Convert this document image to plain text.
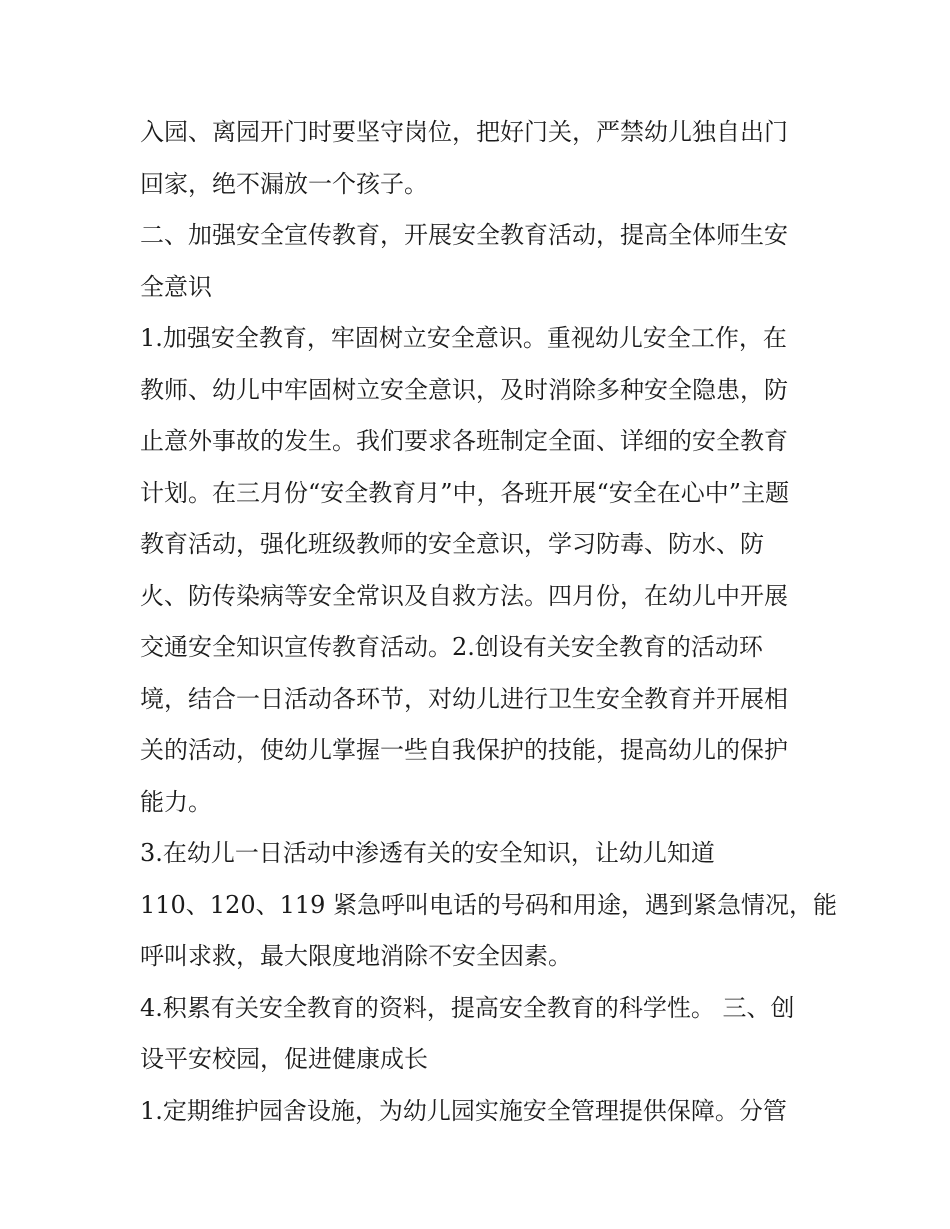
入园、离园开门时要坚守岗位，把好门关，严禁幼儿独自出门
回家，绝不漏放一个孩子。
二、加强安全宣传教育，开展安全教育活动，提高全体师生安
全意识
1.加强安全教育，牢固树立安全意识。重视幼儿安全工作，在
教师、幼儿中牢固树立安全意识，及时消除多种安全隐患，防
止意外事故的发生。我们要求各班制定全面、详细的安全教育
计划。在三月份“安全教育月”中，各班开展“安全在心中”主题
教育活动，强化班级教师的安全意识，学习防毒、防水、防
火、防传染病等安全常识及自救方法。四月份，在幼儿中开展
交通安全知识宣传教育活动。2.创设有关安全教育的活动环
境，结合一日活动各环节，对幼儿进行卫生安全教育并开展相
关的活动，使幼儿掌握一些自我保护的技能，提高幼儿的保护
能力。
3.在幼儿一日活动中渗透有关的安全知识，让幼儿知道
110、120、119 紧急呼叫电话的号码和用途，遇到紧急情况，能
呼叫求救，最大限度地消除不安全因素。
4.积累有关安全教育的资料，提高安全教育的科学性。 三、创
设平安校园，促进健康成长
1.定期维护园舍设施，为幼儿园实施安全管理提供保障。分管
